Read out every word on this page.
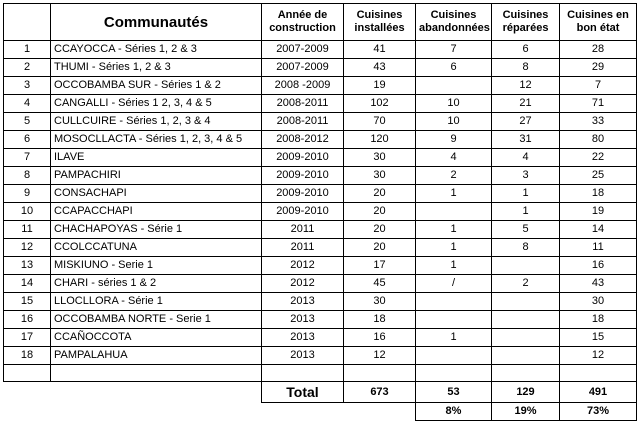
	Communautés	Année de construction	Cuisines installées	Cuisines abandonnées	Cuisines réparées	Cuisines en bon état
1	CCAYOCCA - Séries 1, 2 & 3	2007-2009	41	7	6	28
2	THUMI - Séries 1, 2 & 3	2007-2009	43	6	8	29
3	OCCOBAMBA SUR - Séries 1 & 2	2008 -2009	19		12	7
4	CANGALLI - Séries 1 2, 3, 4 & 5	2008-2011	102	10	21	71
5	CULLCUIRE - Séries 1, 2, 3 & 4	2008-2011	70	10	27	33
6	MOSOCLLACTA - Séries 1, 2, 3, 4 & 5	2008-2012	120	9	31	80
7	ILAVE	2009-2010	30	4	4	22
8	PAMPACHIRI	2009-2010	30	2	3	25
9	CONSACHAPI	2009-2010	20	1	1	18
10	CCAPACCHAPI	2009-2010	20		1	19
11	CHACHAPOYAS - Série 1	2011	20	1	5	14
12	CCOLCCATUNA	2011	20	1	8	11
13	MISKIUNO - Serie 1	2012	17	1		16
14	CHARI - séries 1 & 2	2012	45	/	2	43
15	LLOCLLORA - Série 1	2013	30			30
16	OCCOBAMBA NORTE - Serie 1	2013	18			18
17	CCAÑOCCOTA	2013	16	1		15
18	PAMPALAHUA	2013	12			12

		Total	673	53	129	491
				8%	19%	73%
